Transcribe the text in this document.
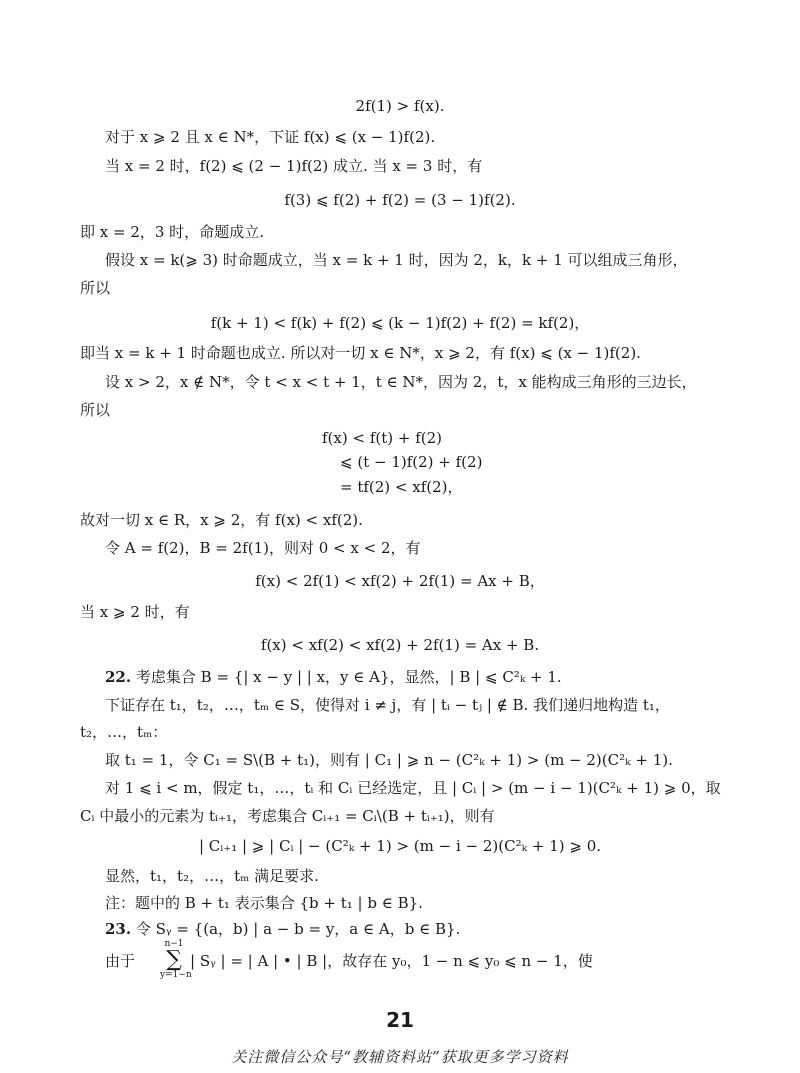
2f(1) > f(x).
对于 x ⩾ 2 且 x ∈ N*，下证 f(x) ⩽ (x − 1)f(2).
当 x = 2 时，f(2) ⩽ (2 − 1)f(2) 成立. 当 x = 3 时，有
f(3) ⩽ f(2) + f(2) = (3 − 1)f(2).
即 x = 2，3 时，命题成立.
假设 x = k(⩾ 3) 时命题成立，当 x = k + 1 时，因为 2，k，k + 1 可以组成三角形，
所以
f(k + 1) < f(k) + f(2) ⩽ (k − 1)f(2) + f(2) = kf(2)，
即当 x = k + 1 时命题也成立. 所以对一切 x ∈ N*，x ⩾ 2，有 f(x) ⩽ (x − 1)f(2).
设 x > 2，x ∉ N*，令 t < x < t + 1，t ∈ N*，因为 2，t，x 能构成三角形的三边长，
所以
f(x) < f(t) + f(2)
⩽ (t − 1)f(2) + f(2)
= tf(2) < xf(2)，
故对一切 x ∈ R，x ⩾ 2，有 f(x) < xf(2).
令 A = f(2)，B = 2f(1)，则对 0 < x < 2，有
f(x) < 2f(1) < xf(2) + 2f(1) = Ax + B，
当 x ⩾ 2 时，有
f(x) < xf(2) < xf(2) + 2f(1) = Ax + B.
22. 考虑集合 B = {| x − y | | x，y ∈ A}，显然，| B | ⩽ C²ₖ + 1.
下证存在 t₁，t₂，…，tₘ ∈ S，使得对 i ≠ j，有 | tᵢ − tⱼ | ∉ B. 我们递归地构造 t₁，
t₂，…，tₘ：
取 t₁ = 1，令 C₁ = S\(B + t₁)，则有 | C₁ | ⩾ n − (C²ₖ + 1) > (m − 2)(C²ₖ + 1).
对 1 ⩽ i < m，假定 t₁，…，tᵢ 和 Cᵢ 已经选定，且 | Cᵢ | > (m − i − 1)(C²ₖ + 1) ⩾ 0，取
Cᵢ 中最小的元素为 tᵢ₊₁，考虑集合 Cᵢ₊₁ = Cᵢ\(B + tᵢ₊₁)，则有
| Cᵢ₊₁ | ⩾ | Cᵢ | − (C²ₖ + 1) > (m − i − 2)(C²ₖ + 1) ⩾ 0.
显然，t₁，t₂，…，tₘ 满足要求.
注：题中的 B + t₁ 表示集合 {b + t₁ | b ∈ B}.
23. 令 Sᵧ = {(a，b) | a − b = y，a ∈ A，b ∈ B}.
由于
n−1
∑
y=1−n
| Sᵧ | = | A | • | B |，故存在 y₀，1 − n ⩽ y₀ ⩽ n − 1，使
21
关注微信公众号“教辅资料站”获取更多学习资料
